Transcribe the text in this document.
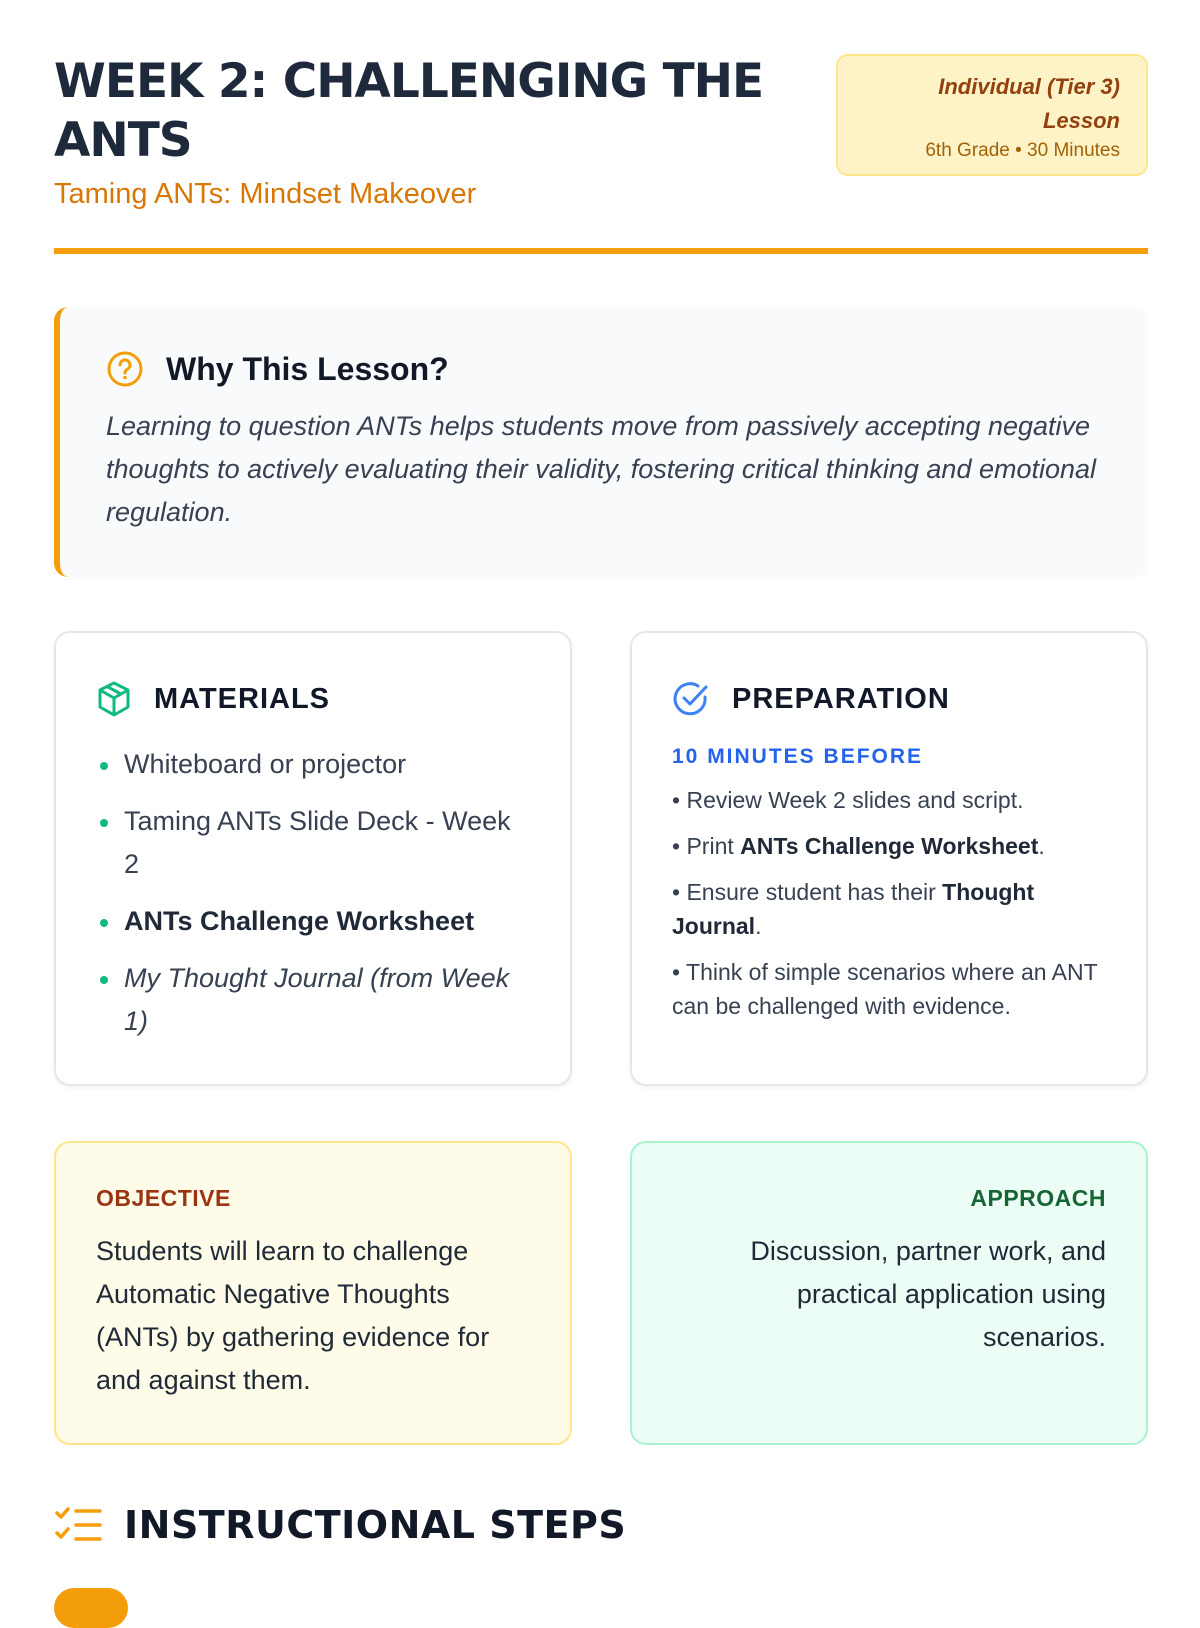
WEEK 2: CHALLENGING THE ANTS
Taming ANTs: Mindset Makeover
Individual (Tier 3) Lesson
6th Grade • 30 Minutes
Why This Lesson?
Learning to question ANTs helps students move from passively accepting negative thoughts to actively evaluating their validity, fostering critical thinking and emotional regulation.
MATERIALS
Whiteboard or projector
Taming ANTs Slide Deck - Week 2
ANTs Challenge Worksheet
My Thought Journal (from Week 1)
PREPARATION
10 MINUTES BEFORE
• Review Week 2 slides and script.
• Print ANTs Challenge Worksheet.
• Ensure student has their Thought Journal.
• Think of simple scenarios where an ANT can be challenged with evidence.
OBJECTIVE
Students will learn to challenge Automatic Negative Thoughts (ANTs) by gathering evidence for and against them.
APPROACH
Discussion, partner work, and practical application using scenarios.
INSTRUCTIONAL STEPS
